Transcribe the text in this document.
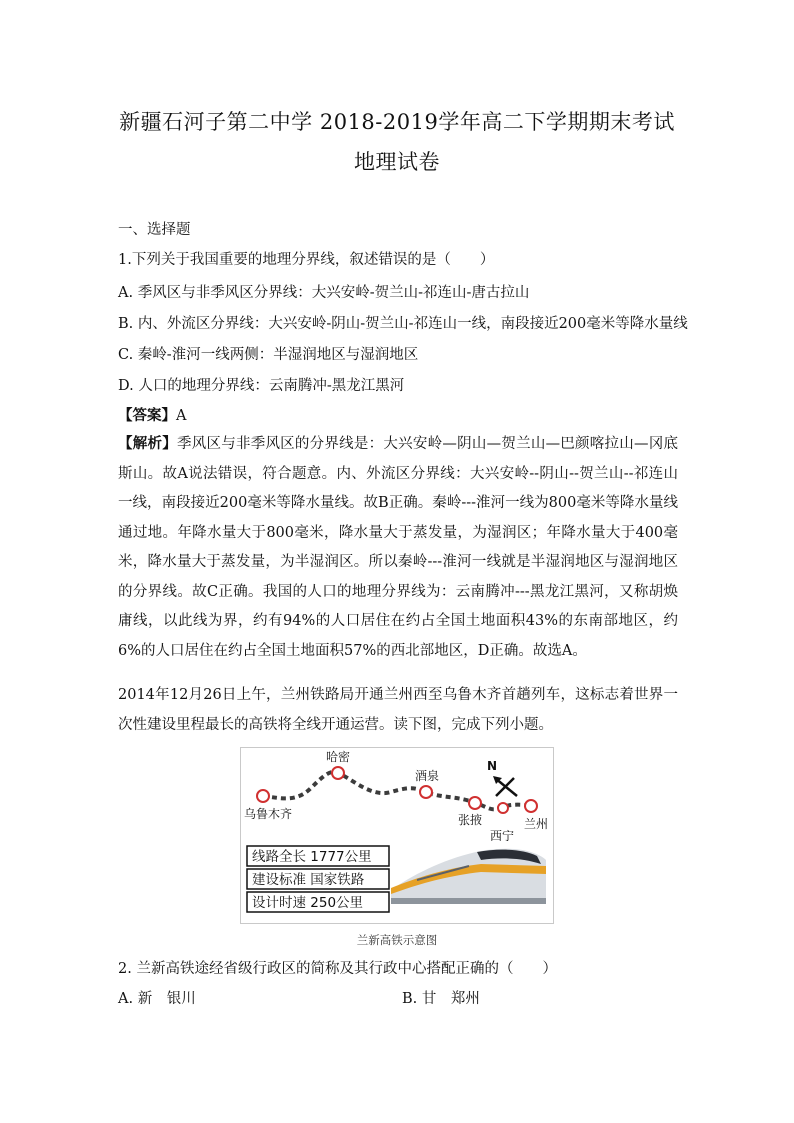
新疆石河子第二中学 2018-2019学年高二下学期期末考试
地理试卷
一、选择题
1.下列关于我国重要的地理分界线，叙述错误的是（　　）
A. 季风区与非季风区分界线：大兴安岭-贺兰山-祁连山-唐古拉山
B. 内、外流区分界线：大兴安岭-阴山-贺兰山-祁连山一线，南段接近200毫米等降水量线
C. 秦岭-淮河一线两侧：半湿润地区与湿润地区
D. 人口的地理分界线：云南腾冲-黑龙江黑河
【答案】A
【解析】季风区与非季风区的分界线是：大兴安岭—阴山—贺兰山—巴颜喀拉山—冈底斯山。故A说法错误，符合题意。内、外流区分界线：大兴安岭--阴山--贺兰山--祁连山一线，南段接近200毫米等降水量线。故B正确。秦岭---淮河一线为800毫米等降水量线通过地。年降水量大于800毫米，降水量大于蒸发量，为湿润区；年降水量大于400毫米，降水量大于蒸发量，为半湿润区。所以秦岭---淮河一线就是半湿润地区与湿润地区的分界线。故C正确。我国的人口的地理分界线为：云南腾冲---黑龙江黑河，又称胡焕庸线，以此线为界，约有94%的人口居住在约占全国土地面积43%的东南部地区，约6%的人口居住在约占全国土地面积57%的西北部地区，D正确。故选A。
2014年12月26日上午，兰州铁路局开通兰州西至乌鲁木齐首趟列车，这标志着世界一次性建设里程最长的高铁将全线开通运营。读下图，完成下列小题。
乌鲁木齐
哈密
酒泉
张掖
西宁
兰州
N
线路全长 1777公里
建设标准 国家铁路
设计时速 250公里
兰新高铁示意图
2. 兰新高铁途经省级行政区的简称及其行政中心搭配正确的（　　）
A. 新　银川	B. 甘　郑州
